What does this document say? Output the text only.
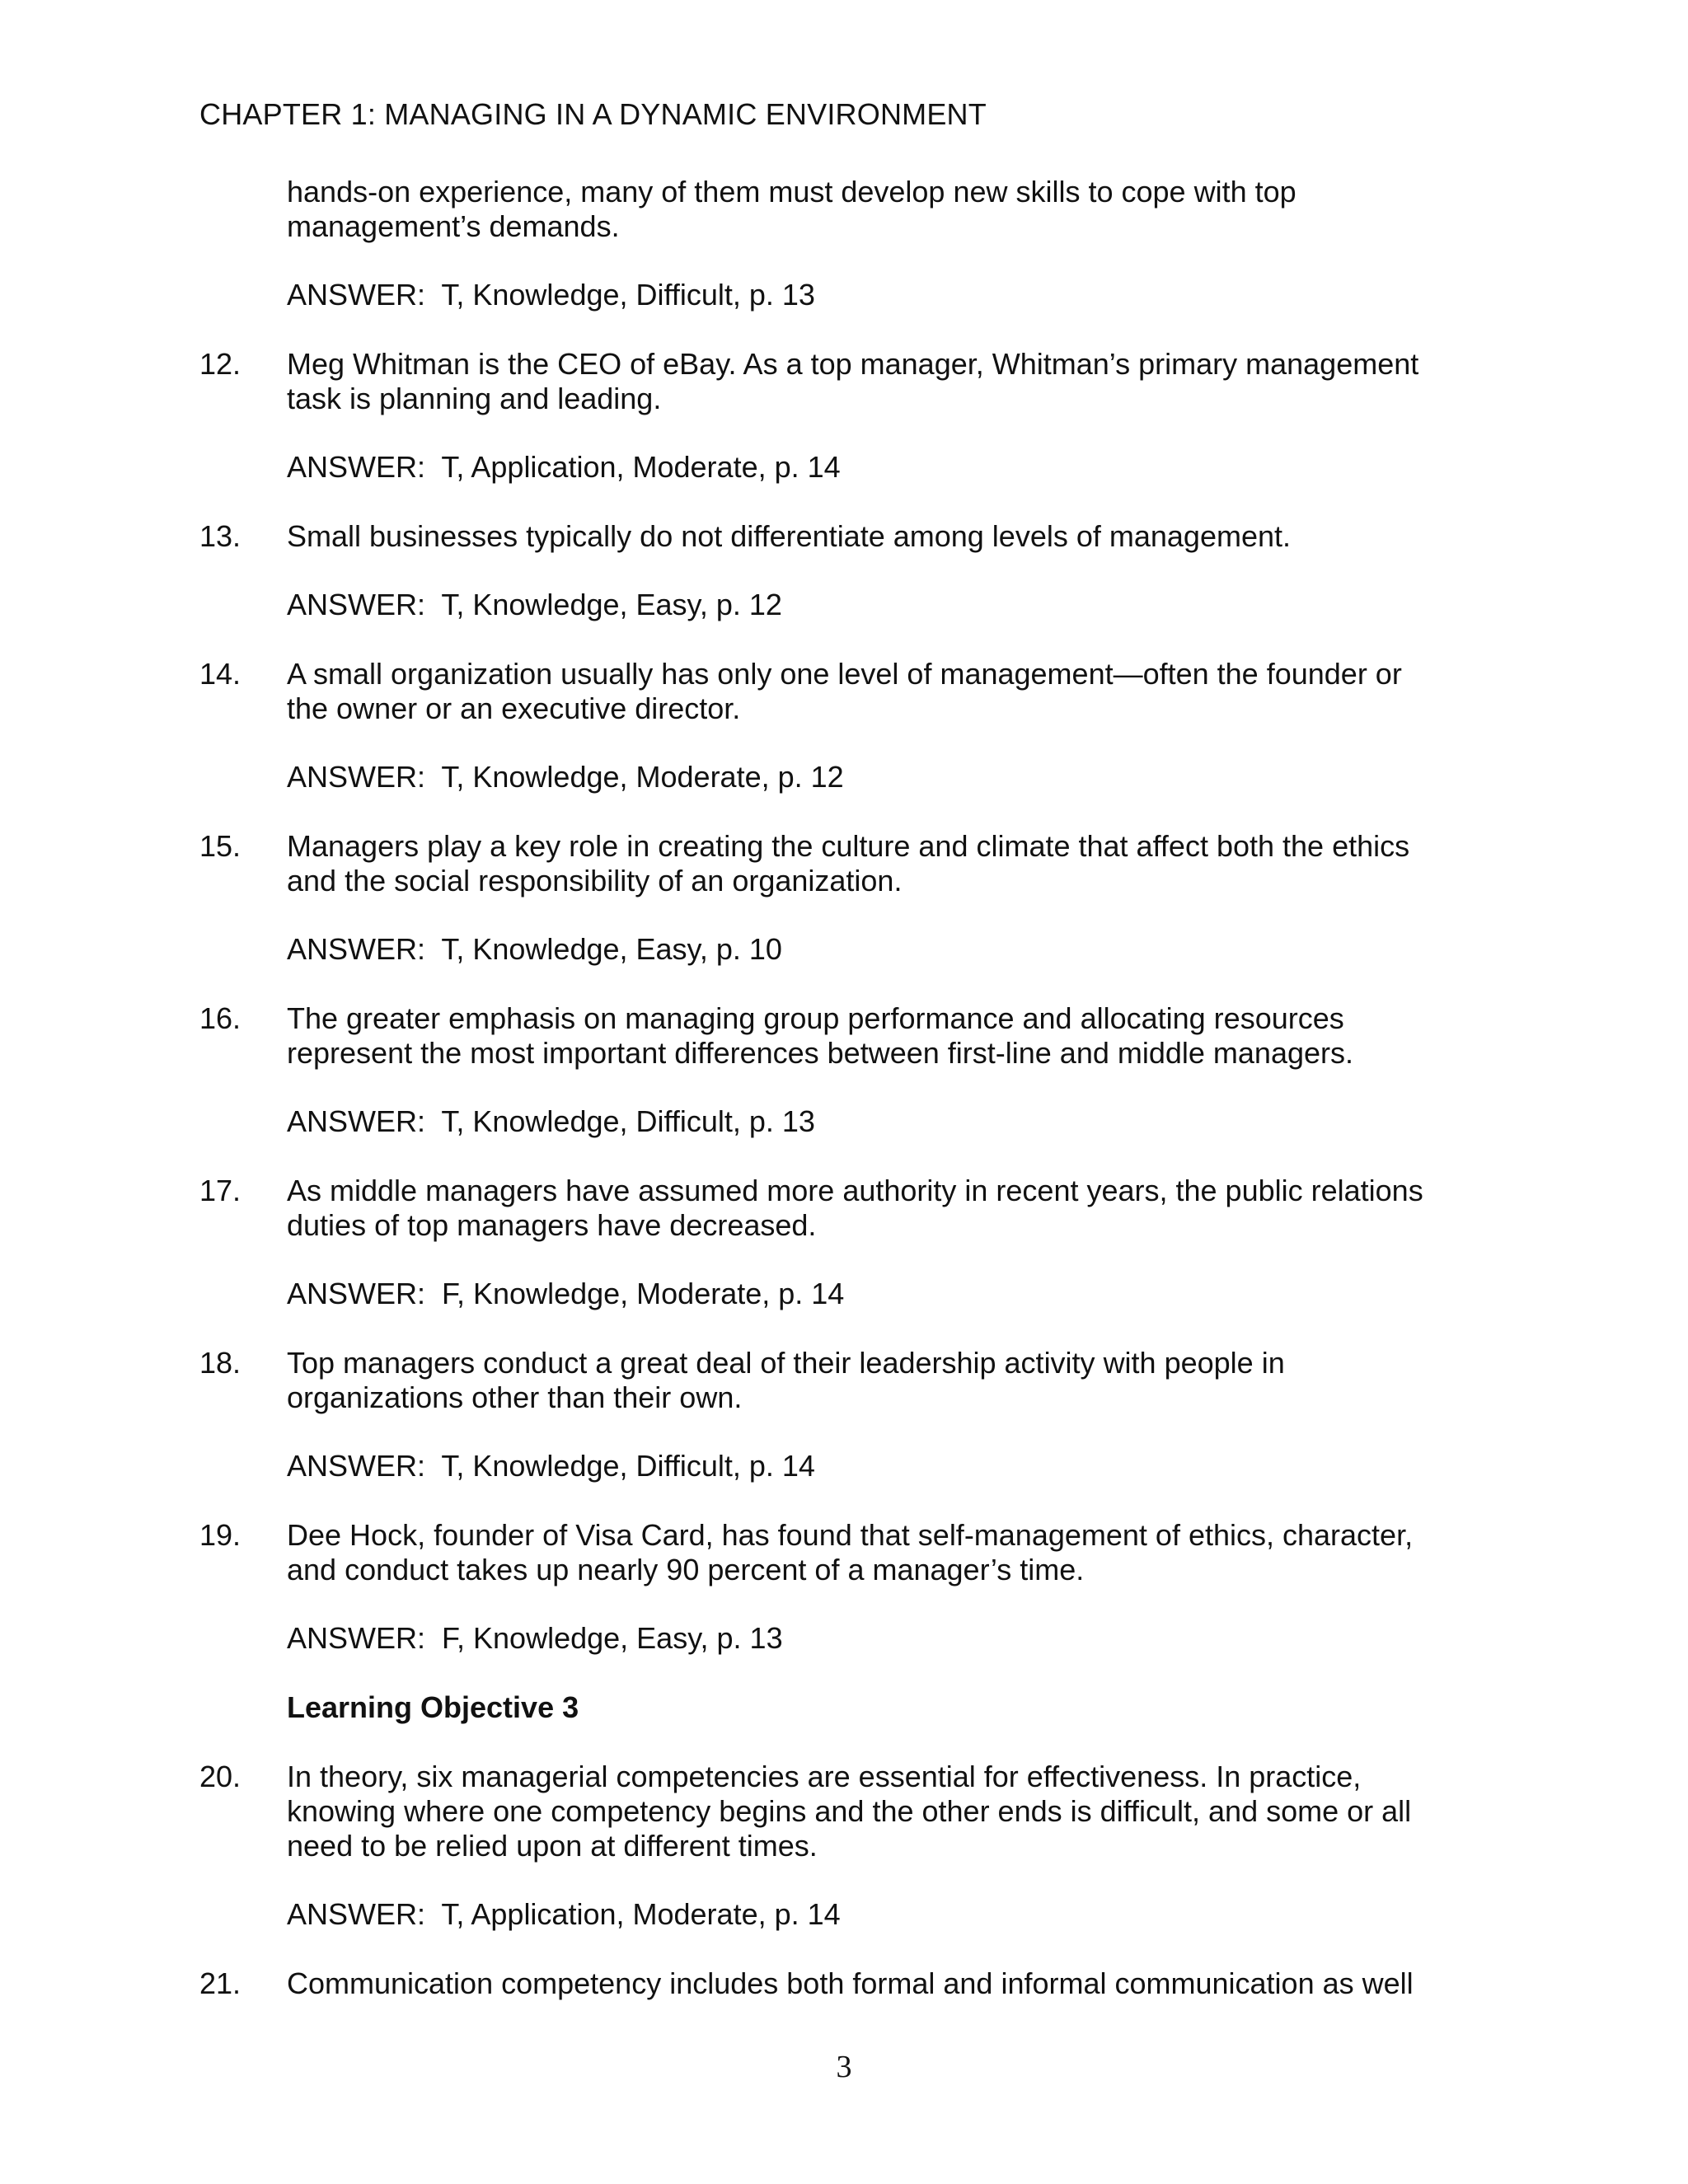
CHAPTER 1: MANAGING IN A DYNAMIC ENVIRONMENT
hands-on experience, many of them must develop new skills to cope with top
management’s demands.
ANSWER:  T, Knowledge, Difficult, p. 13
12. Meg Whitman is the CEO of eBay. As a top manager, Whitman’s primary management
task is planning and leading.
ANSWER:  T, Application, Moderate, p. 14
13. Small businesses typically do not differentiate among levels of management.
ANSWER:  T, Knowledge, Easy, p. 12
14. A small organization usually has only one level of management—often the founder or
the owner or an executive director.
ANSWER:  T, Knowledge, Moderate, p. 12
15. Managers play a key role in creating the culture and climate that affect both the ethics
and the social responsibility of an organization.
ANSWER:  T, Knowledge, Easy, p. 10
16. The greater emphasis on managing group performance and allocating resources
represent the most important differences between first-line and middle managers.
ANSWER:  T, Knowledge, Difficult, p. 13
17. As middle managers have assumed more authority in recent years, the public relations
duties of top managers have decreased.
ANSWER:  F, Knowledge, Moderate, p. 14
18. Top managers conduct a great deal of their leadership activity with people in
organizations other than their own.
ANSWER:  T, Knowledge, Difficult, p. 14
19. Dee Hock, founder of Visa Card, has found that self-management of ethics, character,
and conduct takes up nearly 90 percent of a manager’s time.
ANSWER:  F, Knowledge, Easy, p. 13
Learning Objective 3
20. In theory, six managerial competencies are essential for effectiveness. In practice,
knowing where one competency begins and the other ends is difficult, and some or all
need to be relied upon at different times.
ANSWER:  T, Application, Moderate, p. 14
21. Communication competency includes both formal and informal communication as well
3
